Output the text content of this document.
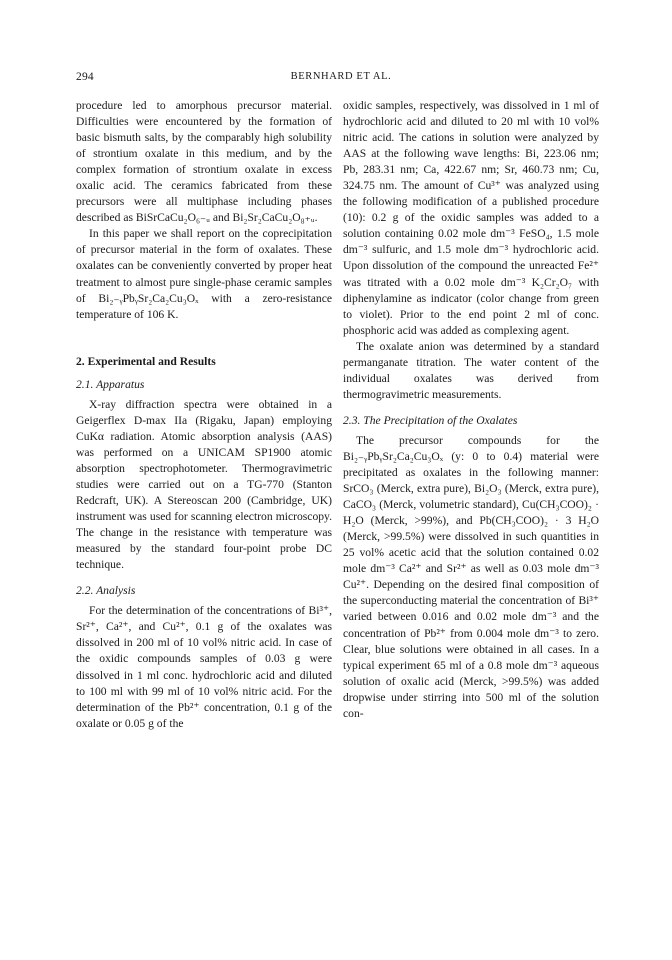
294	BERNHARD ET AL.

procedure led to amorphous precursor material. Difficulties were encountered by the formation of basic bismuth salts, by the comparably high solubility of strontium oxalate in this medium, and by the complex formation of strontium oxalate in excess oxalic acid. The ceramics fabricated from these precursors were all multiphase including phases described as BiSrCaCu₂O₆₋ᵤ and Bi₂Sr₂CaCu₂O₈₊ᵤ.

In this paper we shall report on the coprecipitation of precursor material in the form of oxalates. These oxalates can be conveniently converted by proper heat treatment to almost pure single-phase ceramic samples of Bi₂₋ᵧPbᵧSr₂Ca₂Cu₃Oₓ with a zero-resistance temperature of 106 K.

2. Experimental and Results

2.1. Apparatus

X-ray diffraction spectra were obtained in a Geigerflex D-max IIa (Rigaku, Japan) employing CuKα radiation. Atomic absorption analysis (AAS) was performed on a UNICAM SP1900 atomic absorption spectrophotometer. Thermogravimetric studies were carried out on a TG-770 (Stanton Redcraft, UK). A Stereoscan 200 (Cambridge, UK) instrument was used for scanning electron microscopy. The change in the resistance with temperature was measured by the standard four-point probe DC technique.

2.2. Analysis

For the determination of the concentrations of Bi³⁺, Sr²⁺, Ca²⁺, and Cu²⁺, 0.1 g of the oxalates was dissolved in 200 ml of 10 vol% nitric acid. In case of the oxidic compounds samples of 0.03 g were dissolved in 1 ml conc. hydrochloric acid and diluted to 100 ml with 99 ml of 10 vol% nitric acid. For the determination of the Pb²⁺ concentration, 0.1 g of the oxalate or 0.05 g of the

oxidic samples, respectively, was dissolved in 1 ml of hydrochloric acid and diluted to 20 ml with 10 vol% nitric acid. The cations in solution were analyzed by AAS at the following wave lengths: Bi, 223.06 nm; Pb, 283.31 nm; Ca, 422.67 nm; Sr, 460.73 nm; Cu, 324.75 nm. The amount of Cu³⁺ was analyzed using the following modification of a published procedure (10): 0.2 g of the oxidic samples was added to a solution containing 0.02 mole dm⁻³ FeSO₄, 1.5 mole dm⁻³ sulfuric, and 1.5 mole dm⁻³ hydrochloric acid. Upon dissolution of the compound the unreacted Fe²⁺ was titrated with a 0.02 mole dm⁻³ K₂Cr₂O₇ with diphenylamine as indicator (color change from green to violet). Prior to the end point 2 ml of conc. phosphoric acid was added as complexing agent.

The oxalate anion was determined by a standard permanganate titration. The water content of the individual oxalates was derived from thermogravimetric measurements.

2.3. The Precipitation of the Oxalates

The precursor compounds for the Bi₂₋ᵧPbᵧSr₂Ca₂Cu₃Oₓ (y: 0 to 0.4) material were precipitated as oxalates in the following manner: SrCO₃ (Merck, extra pure), Bi₂O₃ (Merck, extra pure), CaCO₃ (Merck, volumetric standard), Cu(CH₃COO)₂ · H₂O (Merck, >99%), and Pb(CH₃COO)₂ · 3 H₂O (Merck, >99.5%) were dissolved in such quantities in 25 vol% acetic acid that the solution contained 0.02 mole dm⁻³ Ca²⁺ and Sr²⁺ as well as 0.03 mole dm⁻³ Cu²⁺. Depending on the desired final composition of the superconducting material the concentration of Bi³⁺ varied between 0.016 and 0.02 mole dm⁻³ and the concentration of Pb²⁺ from 0.004 mole dm⁻³ to zero. Clear, blue solutions were obtained in all cases. In a typical experiment 65 ml of a 0.8 mole dm⁻³ aqueous solution of oxalic acid (Merck, >99.5%) was added dropwise under stirring into 500 ml of the solution con-
